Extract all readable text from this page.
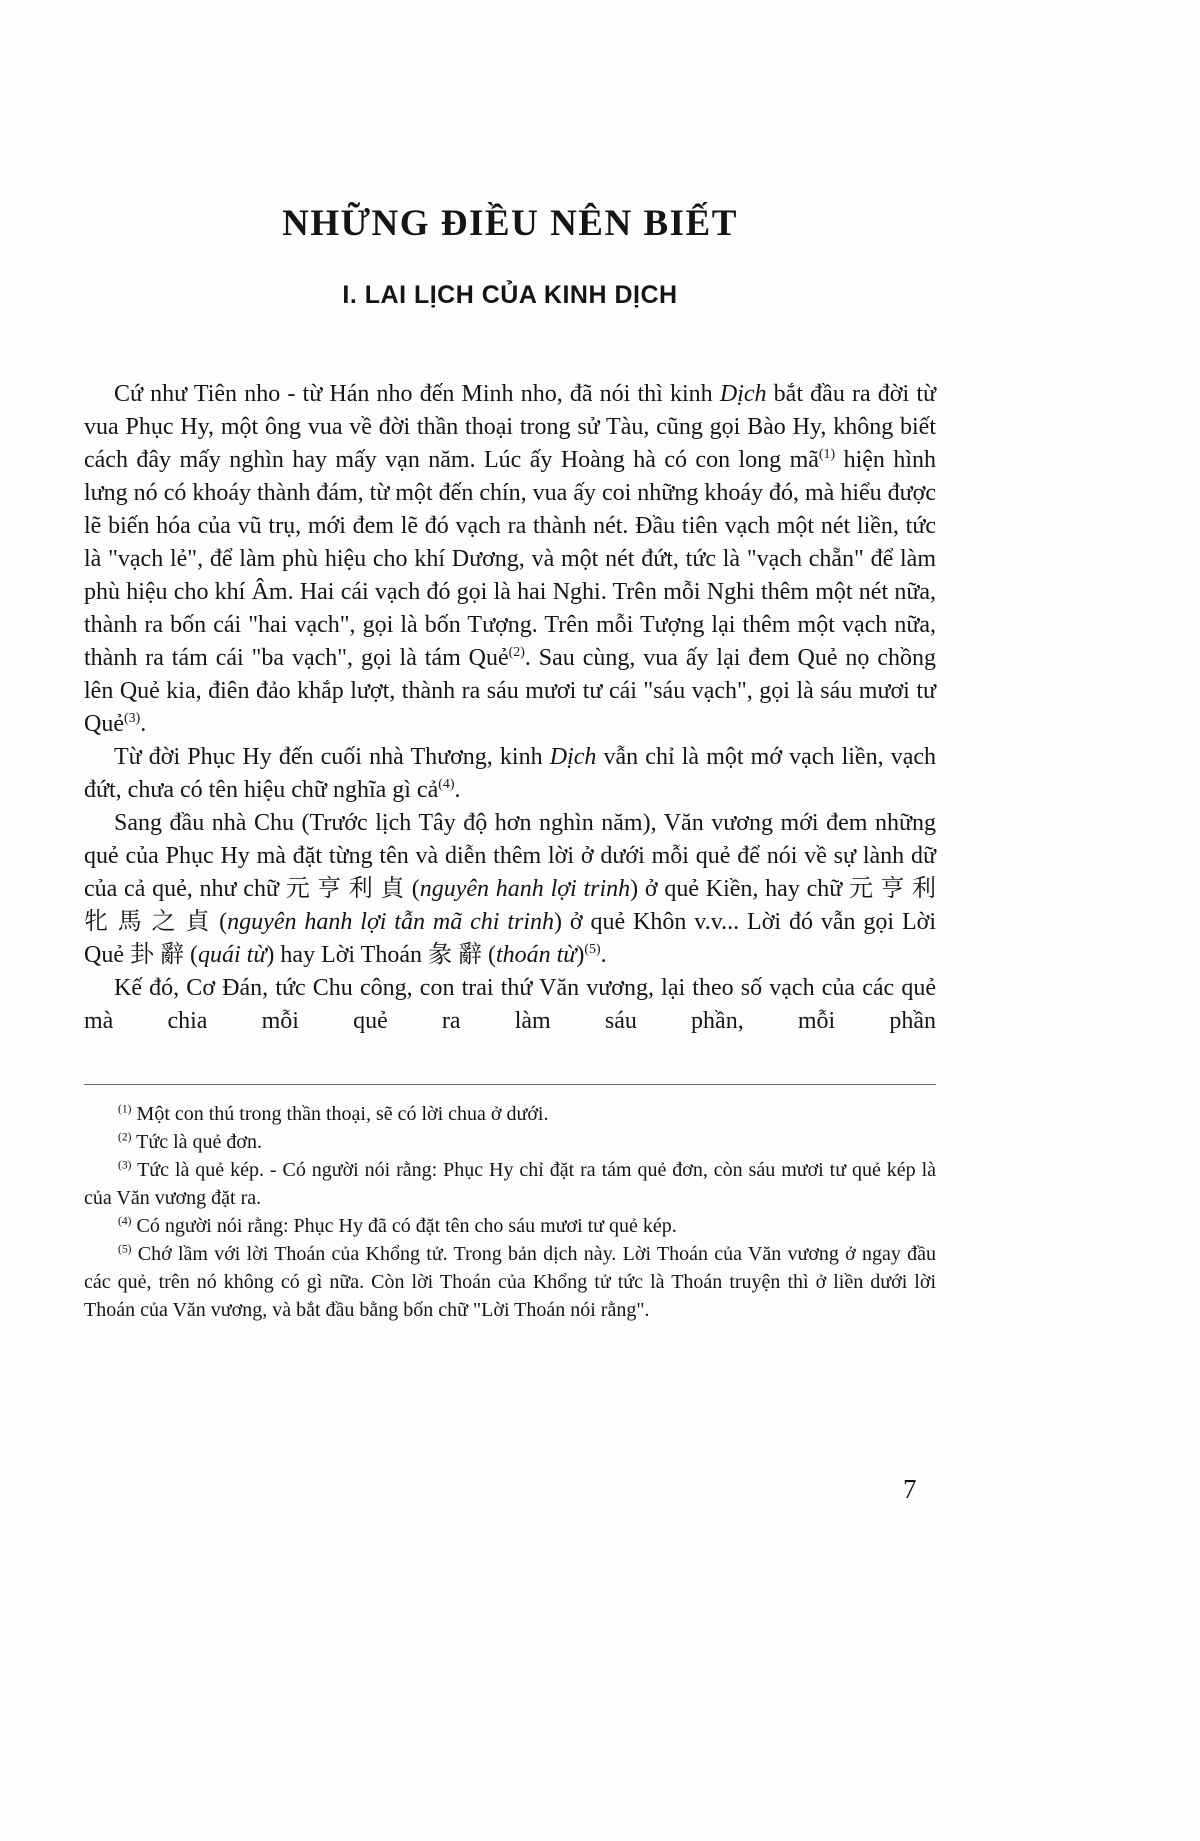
NHỮNG ĐIỀU NÊN BIẾT
I. LAI LỊCH CỦA KINH DỊCH

Cứ như Tiên nho - từ Hán nho đến Minh nho, đã nói thì kinh Dịch bắt đầu ra đời từ vua Phục Hy, một ông vua về đời thần thoại trong sử Tàu, cũng gọi Bào Hy, không biết cách đây mấy nghìn hay mấy vạn năm. Lúc ấy Hoàng hà có con long $mã^{(1)}$ hiện hình lưng nó có khoáy thành đám, từ một đến chín, vua ấy coi những khoáy đó, mà hiểu được lẽ biến hóa của vũ trụ, mới đem lẽ đó vạch ra thành nét. Đầu tiên vạch một nét liền, tức là "vạch lẻ", để làm phù hiệu cho khí Dương, và một nét đứt, tức là "vạch chẵn" để làm phù hiệu cho khí Âm. Hai cái vạch đó gọi là hai Nghi. Trên mỗi Nghi thêm một nét nữa, thành ra bốn cái "hai vạch", gọi là bốn Tượng. Trên mỗi Tượng lại thêm một vạch nữa, thành ra tám cái "ba vạch", gọi là tám Quẻ$^{(2)}$. Sau cùng, vua ấy lại đem Quẻ nọ chồng lên Quẻ kia, điên đảo khắp lượt, thành ra sáu mươi tư cái "sáu vạch", gọi là sáu mươi tư Quẻ$^{(3)}$.

Từ đời Phục Hy đến cuối nhà Thương, kinh Dịch vẫn chỉ là một mớ vạch liền, vạch đứt, chưa có tên hiệu chữ nghĩa gì cả$^{(4)}$.

Sang đầu nhà Chu (Trước lịch Tây độ hơn nghìn năm), Văn vương mới đem những quẻ của Phục Hy mà đặt từng tên và diễn thêm lời ở dưới mỗi quẻ để nói về sự lành dữ của cả quẻ, như chữ 元 亨 利 貞 (nguyên hanh lợi trinh) ở quẻ Kiền, hay chữ 元 亨 利 牝 馬 之 貞 (nguyên hanh lợi tẫn mã chi trinh) ở quẻ Khôn v.v... Lời đó vẫn gọi Lời Quẻ 卦 辭 (quái từ) hay Lời Thoán 彖 辭 (thoán từ)$^{(5)}$.

Kế đó, Cơ Đán, tức Chu công, con trai thứ Văn vương, lại theo số vạch của các quẻ mà chia mỗi quẻ ra làm sáu phần, mỗi phần

$^{(1)}$ Một con thú trong thần thoại, sẽ có lời chua ở dưới.

$^{(2)}$ Tức là quẻ đơn.

$^{(3)}$ Tức là quẻ kép. - Có người nói rằng: Phục Hy chỉ đặt ra tám quẻ đơn, còn sáu mươi tư quẻ kép là của Văn vương đặt ra.

$^{(4)}$ Có người nói rằng: Phục Hy đã có đặt tên cho sáu mươi tư quẻ kép.

$^{(5)}$ Chớ lầm với lời Thoán của Khổng tử. Trong bản dịch này. Lời Thoán của Văn vương ở ngay đầu các quẻ, trên nó không có gì nữa. Còn lời Thoán của Khổng tử tức là Thoán truyện thì ở liền dưới lời Thoán của Văn vương, và bắt đầu bằng bốn chữ "Lời Thoán nói rằng".

7
